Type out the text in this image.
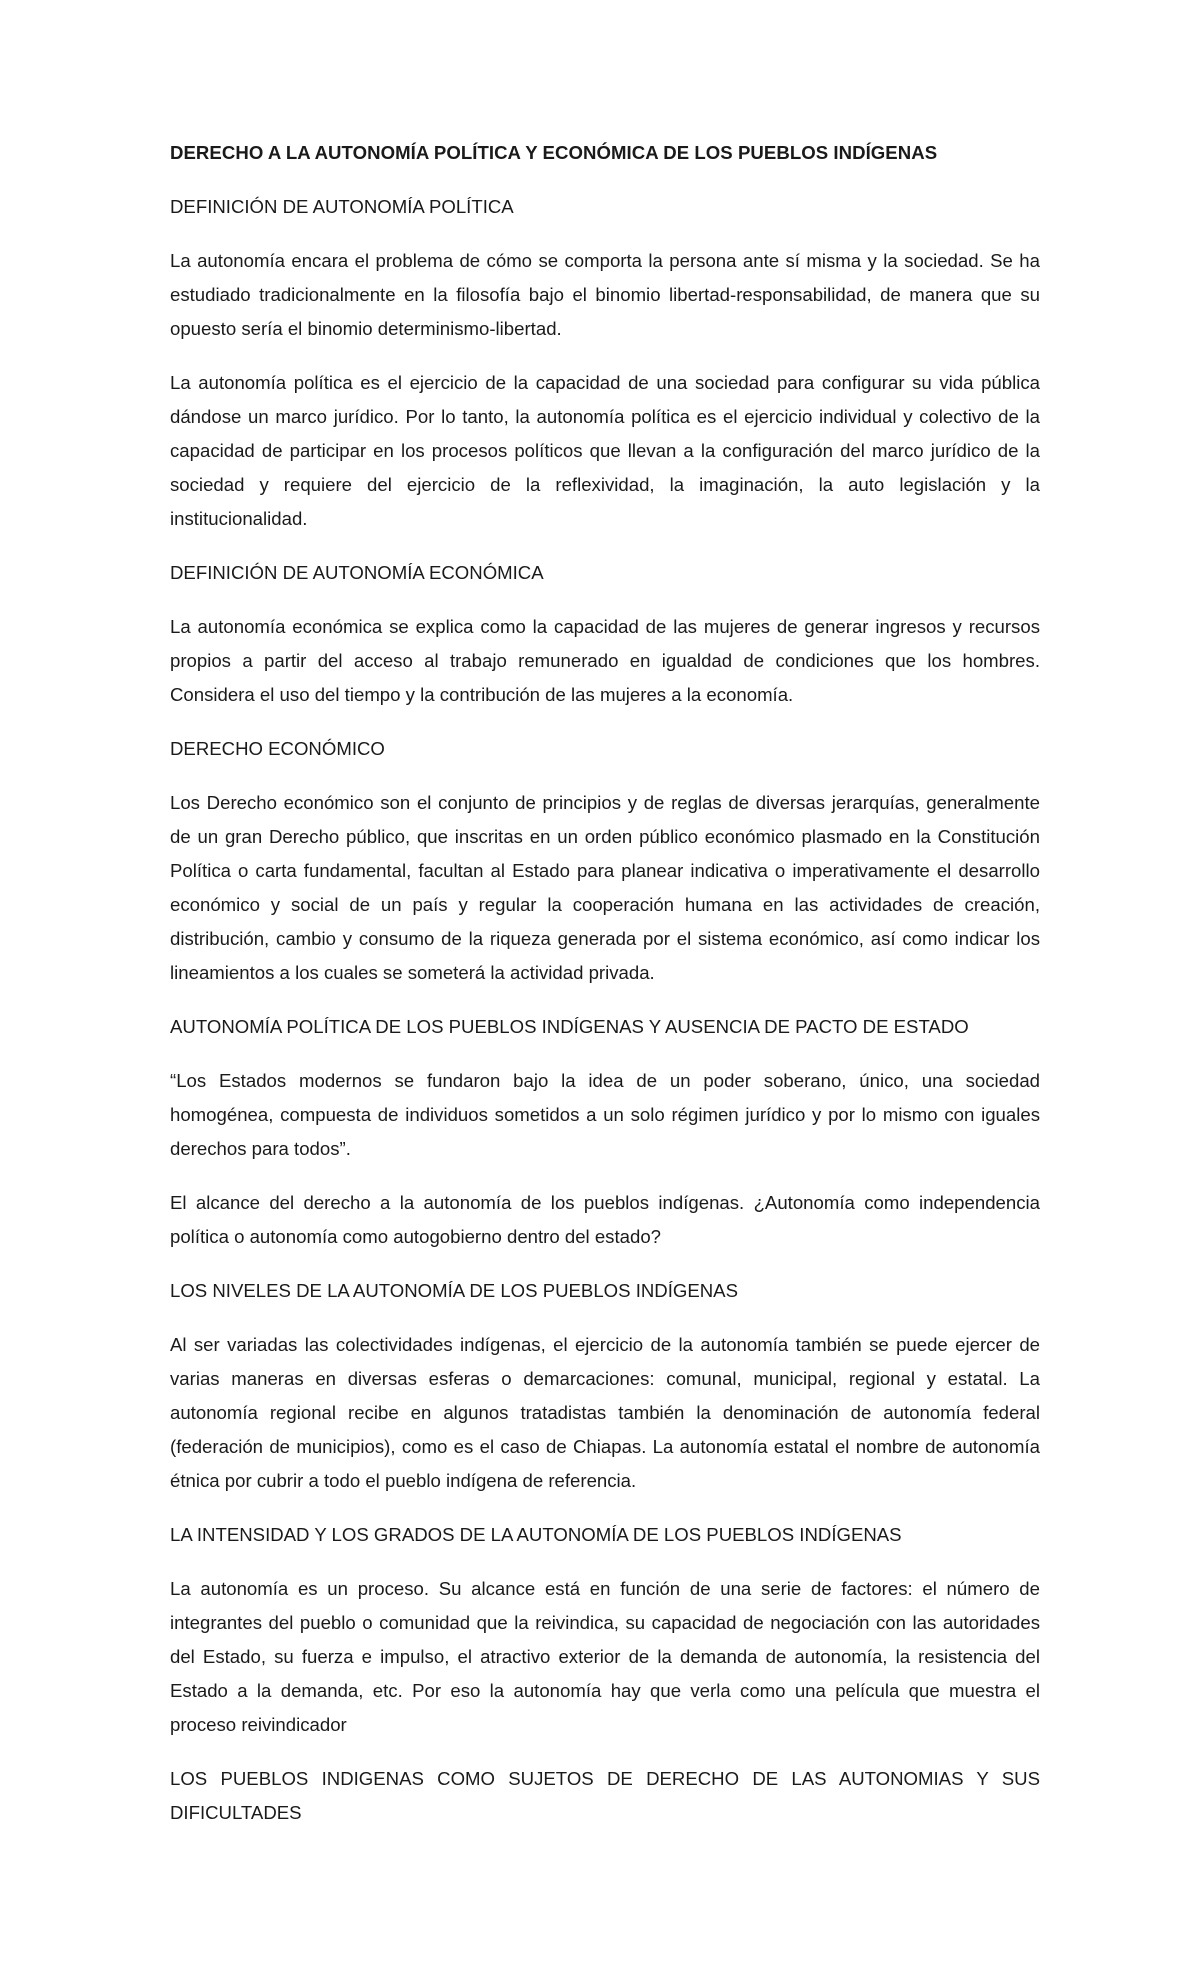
DERECHO A LA AUTONOMÍA POLÍTICA Y ECONÓMICA DE LOS PUEBLOS INDÍGENAS

DEFINICIÓN DE AUTONOMÍA POLÍTICA

La autonomía encara el problema de cómo se comporta la persona ante sí misma y la sociedad. Se ha estudiado tradicionalmente en la filosofía bajo el binomio libertad-responsabilidad, de manera que su opuesto sería el binomio determinismo-libertad.

La autonomía política es el ejercicio de la capacidad de una sociedad para configurar su vida pública dándose un marco jurídico. Por lo tanto, la autonomía política es el ejercicio individual y colectivo de la capacidad de participar en los procesos políticos que llevan a la configuración del marco jurídico de la sociedad y requiere del ejercicio de la reflexividad, la imaginación, la auto legislación y la institucionalidad.

DEFINICIÓN DE AUTONOMÍA ECONÓMICA

La autonomía económica se explica como la capacidad de las mujeres de generar ingresos y recursos propios a partir del acceso al trabajo remunerado en igualdad de condiciones que los hombres. Considera el uso del tiempo y la contribución de las mujeres a la economía.

DERECHO ECONÓMICO

Los Derecho económico son el conjunto de principios y de reglas de diversas jerarquías, generalmente de un gran Derecho público, que inscritas en un orden público económico plasmado en la Constitución Política o carta fundamental, facultan al Estado para planear indicativa o imperativamente el desarrollo económico y social de un país y regular la cooperación humana en las actividades de creación, distribución, cambio y consumo de la riqueza generada por el sistema económico, así como indicar los lineamientos a los cuales se someterá la actividad privada.

AUTONOMÍA POLÍTICA DE LOS PUEBLOS INDÍGENAS Y AUSENCIA DE PACTO DE ESTADO

“Los Estados modernos se fundaron bajo la idea de un poder soberano, único, una sociedad homogénea, compuesta de individuos sometidos a un solo régimen jurídico y por lo mismo con iguales derechos para todos”.

El alcance del derecho a la autonomía de los pueblos indígenas. ¿Autonomía como independencia política o autonomía como autogobierno dentro del estado?

LOS NIVELES DE LA AUTONOMÍA DE LOS PUEBLOS INDÍGENAS

Al ser variadas las colectividades indígenas, el ejercicio de la autonomía también se puede ejercer de varias maneras en diversas esferas o demarcaciones: comunal, municipal, regional y estatal. La autonomía regional recibe en algunos tratadistas también la denominación de autonomía federal (federación de municipios), como es el caso de Chiapas. La autonomía estatal el nombre de autonomía étnica por cubrir a todo el pueblo indígena de referencia.

LA INTENSIDAD Y LOS GRADOS DE LA AUTONOMÍA DE LOS PUEBLOS INDÍGENAS

La autonomía es un proceso. Su alcance está en función de una serie de factores: el número de integrantes del pueblo o comunidad que la reivindica, su capacidad de negociación con las autoridades del Estado, su fuerza e impulso, el atractivo exterior de la demanda de autonomía, la resistencia del Estado a la demanda, etc. Por eso la autonomía hay que verla como una película que muestra el proceso reivindicador

LOS PUEBLOS INDIGENAS COMO SUJETOS DE DERECHO DE LAS AUTONOMIAS Y SUS DIFICULTADES
